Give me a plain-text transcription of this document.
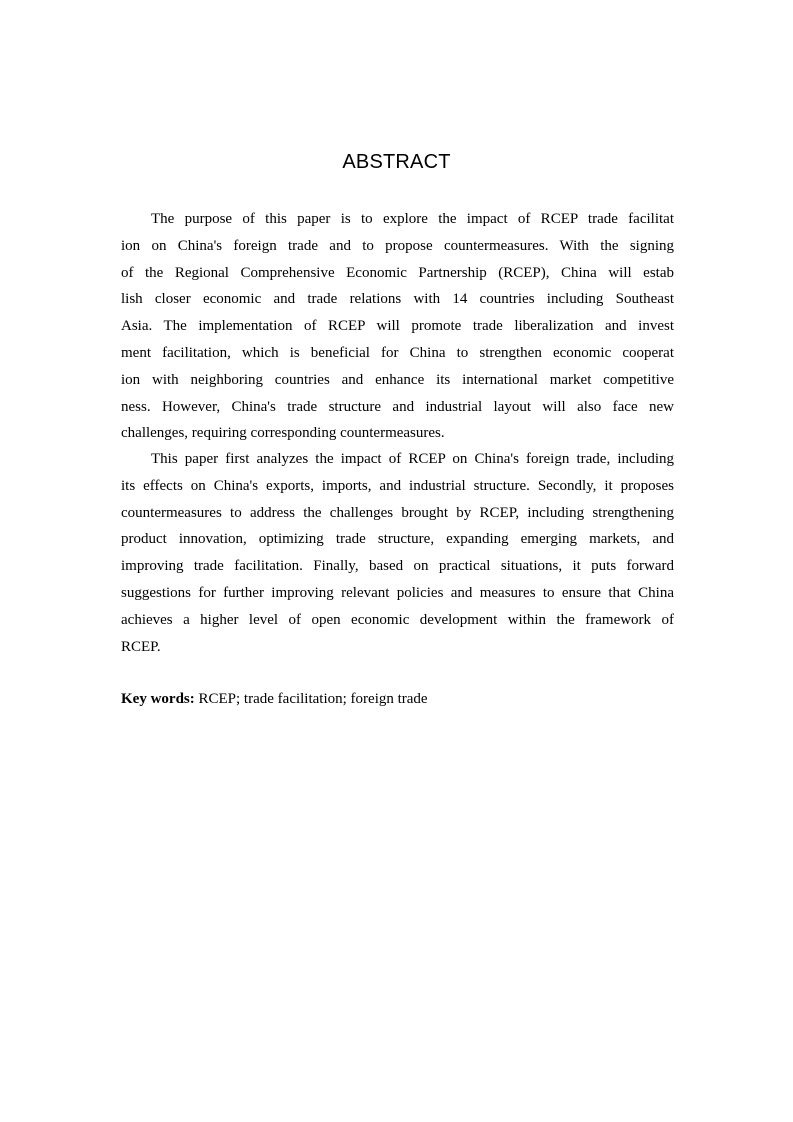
ABSTRACT
The purpose of this paper is to explore the impact of RCEP trade facilitat
ion on China's foreign trade and to propose countermeasures. With the signing
of the Regional Comprehensive Economic Partnership (RCEP), China will estab
lish closer economic and trade relations with 14 countries including Southeast
Asia. The implementation of RCEP will promote trade liberalization and invest
ment facilitation, which is beneficial for China to strengthen economic cooperat
ion with neighboring countries and enhance its international market competitive
ness. However, China's trade structure and industrial layout will also face new
challenges, requiring corresponding countermeasures.
This paper first analyzes the impact of RCEP on China's foreign trade, including
its effects on China's exports, imports, and industrial structure. Secondly, it proposes
countermeasures to address the challenges brought by RCEP, including strengthening
product innovation, optimizing trade structure, expanding emerging markets, and
improving trade facilitation. Finally, based on practical situations, it puts forward
suggestions for further improving relevant policies and measures to ensure that China
achieves a higher level of open economic development within the framework of
RCEP.
Key words: RCEP; trade facilitation; foreign trade
